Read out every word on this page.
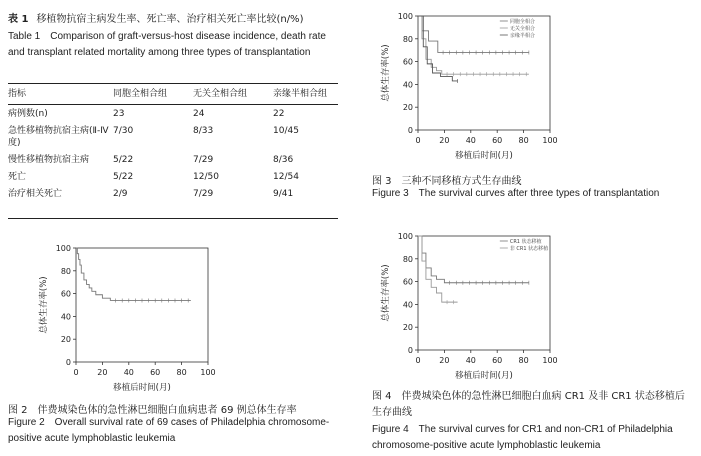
表 1 移植物抗宿主病发生率、死亡率、治疗相关死亡率比较(n/%)
Table 1 Comparison of graft-versus-host disease incidence, death rate and transplant related mortality among three types of transplantation
指标	同胞全相合组	无关全相合组	亲缘半相合组
病例数(n)	23	24	22
急性移植物抗宿主病(Ⅱ-Ⅳ度)	7/30	8/33	10/45
慢性移植物抗宿主病	5/22	7/29	8/36
死亡	5/22	12/50	12/54
治疗相关死亡	2/9	7/29	9/41
0 20 40 60 80 100
0
20
40
60
80
100
移植后时间(月)
总体生存率(%)
同胞全相合
无关全相合
亲缘半相合
图 3　三种不同移植方式生存曲线
Figure 3　The survival curves after three types of transplantation
0 20 40 60 80 100
0
20
40
60
80
100
移植后时间(月)
总体生存率(%)
图 2　伴费城染色体的急性淋巴细胞白血病患者 69 例总体生存率
Figure 2　Overall survival rate of 69 cases of Philadelphia chromosome-positive acute lymphoblastic leukemia
0 20 40 60 80 100
0
20
40
60
80
100
移植后时间(月)
总体生存率(%)
CR1 状态移植
非 CR1 状态移植
图 4　伴费城染色体的急性淋巴细胞白血病 CR1 及非 CR1 状态移植后生存曲线
Figure 4　The survival curves for CR1 and non-CR1 of Philadelphia chromosome-positive acute lymphoblastic leukemia
